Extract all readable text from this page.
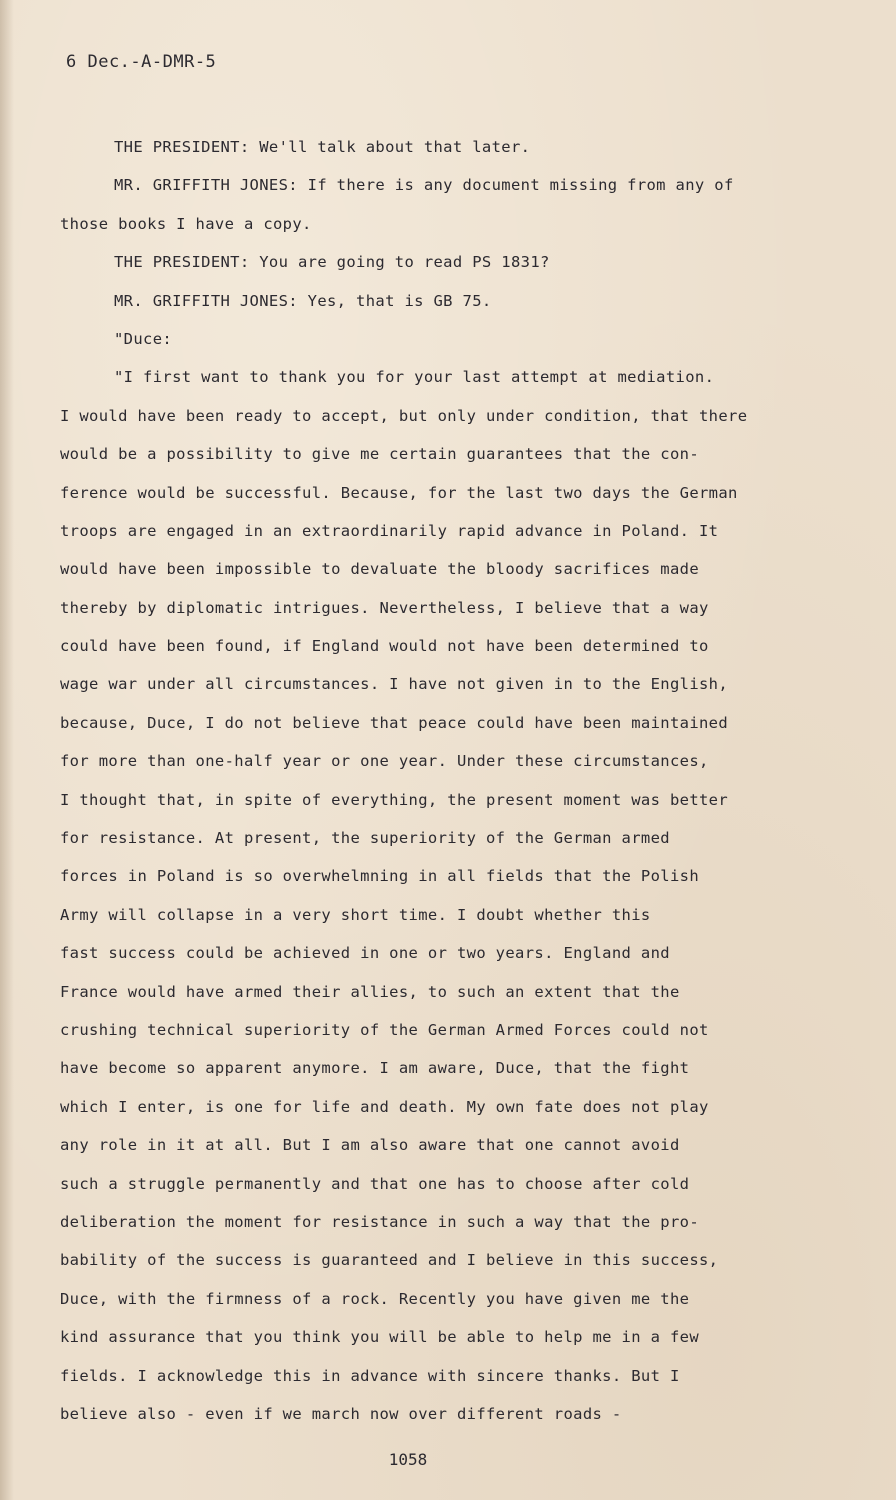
6 Dec.-A-DMR-5

THE PRESIDENT: We'll talk about that later.
MR. GRIFFITH JONES: If there is any document missing from any of
those books I have a copy.
THE PRESIDENT: You are going to read PS 1831?
MR. GRIFFITH JONES: Yes, that is GB 75.
"Duce:
"I first want to thank you for your last attempt at mediation.
I would have been ready to accept, but only under condition, that there
would be a possibility to give me certain guarantees that the con-
ference would be successful. Because, for the last two days the German
troops are engaged in an extraordinarily rapid advance in Poland. It
would have been impossible to devaluate the bloody sacrifices made
thereby by diplomatic intrigues. Nevertheless, I believe that a way
could have been found, if England would not have been determined to
wage war under all circumstances. I have not given in to the English,
because, Duce, I do not believe that peace could have been maintained
for more than one-half year or one year. Under these circumstances,
I thought that, in spite of everything, the present moment was better
for resistance. At present, the superiority of the German armed
forces in Poland is so overwhelmning in all fields that the Polish
Army will collapse in a very short time. I doubt whether this
fast success could be achieved in one or two years. England and
France would have armed their allies, to such an extent that the
crushing technical superiority of the German Armed Forces could not
have become so apparent anymore. I am aware, Duce, that the fight
which I enter, is one for life and death. My own fate does not play
any role in it at all. But I am also aware that one cannot avoid
such a struggle permanently and that one has to choose after cold
deliberation the moment for resistance in such a way that the pro-
bability of the success is guaranteed and I believe in this success,
Duce, with the firmness of a rock. Recently you have given me the
kind assurance that you think you will be able to help me in a few
fields. I acknowledge this in advance with sincere thanks. But I
believe also - even if we march now over different roads -

1058
